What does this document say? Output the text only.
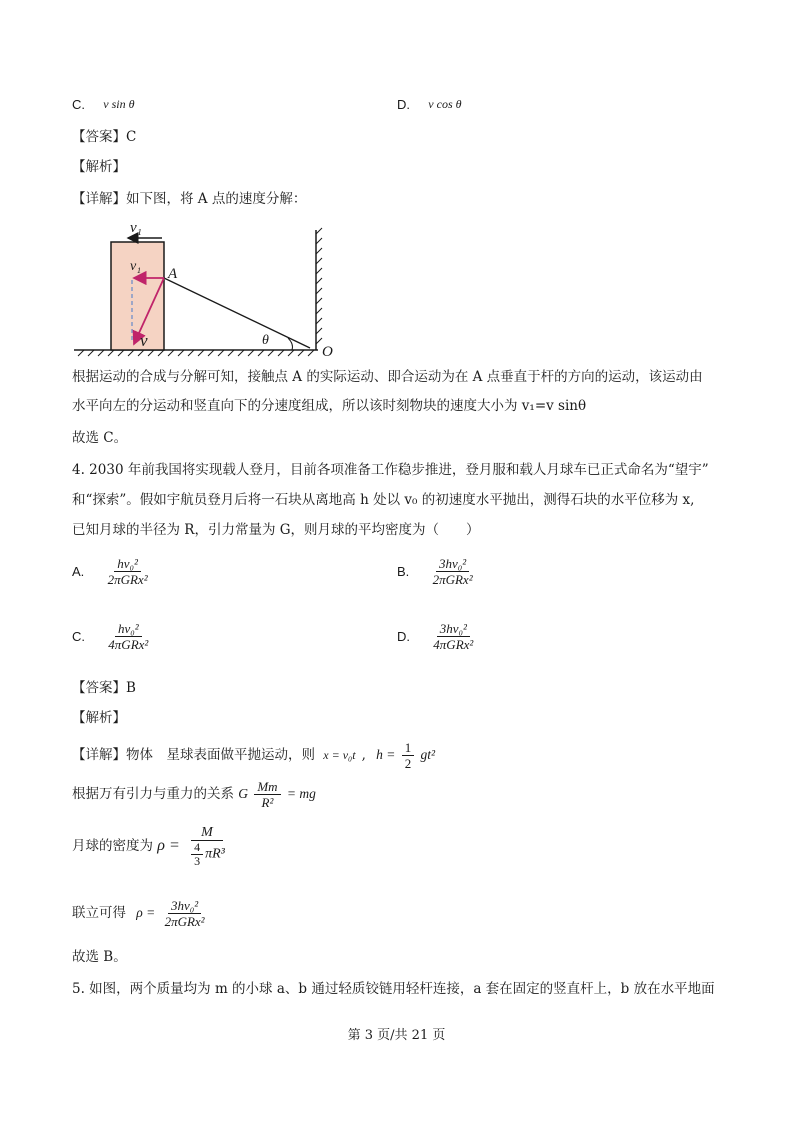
C. v sin θ	D. v cos θ
【答案】C
【解析】
【详解】如下图，将 A 点的速度分解：
v₁
v₁ A
v	θ
O
根据运动的合成与分解可知，接触点 A 的实际运动、即合运动为在 A 点垂直于杆的方向的运动，该运动由
水平向左的分运动和竖直向下的分速度组成，所以该时刻物块的速度大小为 v₁=v sinθ
故选 C。
4. 2030 年前我国将实现载人登月，目前各项准备工作稳步推进，登月服和载人月球车已正式命名为“望宇”
和“探索”。假如宇航员登月后将一石块从离地高 h 处以 v₀ 的初速度水平抛出，测得石块的水平位移为 x,
已知月球的半径为 R，引力常量为 G，则月球的平均密度为（　　）
A. $\frac{\text{hv₀²}}{\text{2πGRx²}}$	B. $\frac{\text{3hv₀²}}{\text{2πGRx²}}$
C. $\frac{\text{hv₀²}}{\text{4πGRx²}}$	D. $\frac{\text{3hv₀²}}{\text{4πGRx²}}$
【答案】B
【解析】
【详解】物体　星球表面做平抛运动，则 x = v₀t , $h = \frac{1}{2} gt^2$
根据万有引力与重力的关系 G $\frac{Mm}{\text{R²}}$ = mg
月球的密度为 $\rho = \frac{M}{\frac{4}{3} \pi R^3}$
联立可得 $\rho = \frac{\text{3hv₀²}}{\text{2πGRx²}}$
故选 B。
5. 如图，两个质量均为 m 的小球 a、b 通过轻质铰链用轻杆连接，a 套在固定的竖直杆上，b 放在水平地面
第 3 页/共 21 页
